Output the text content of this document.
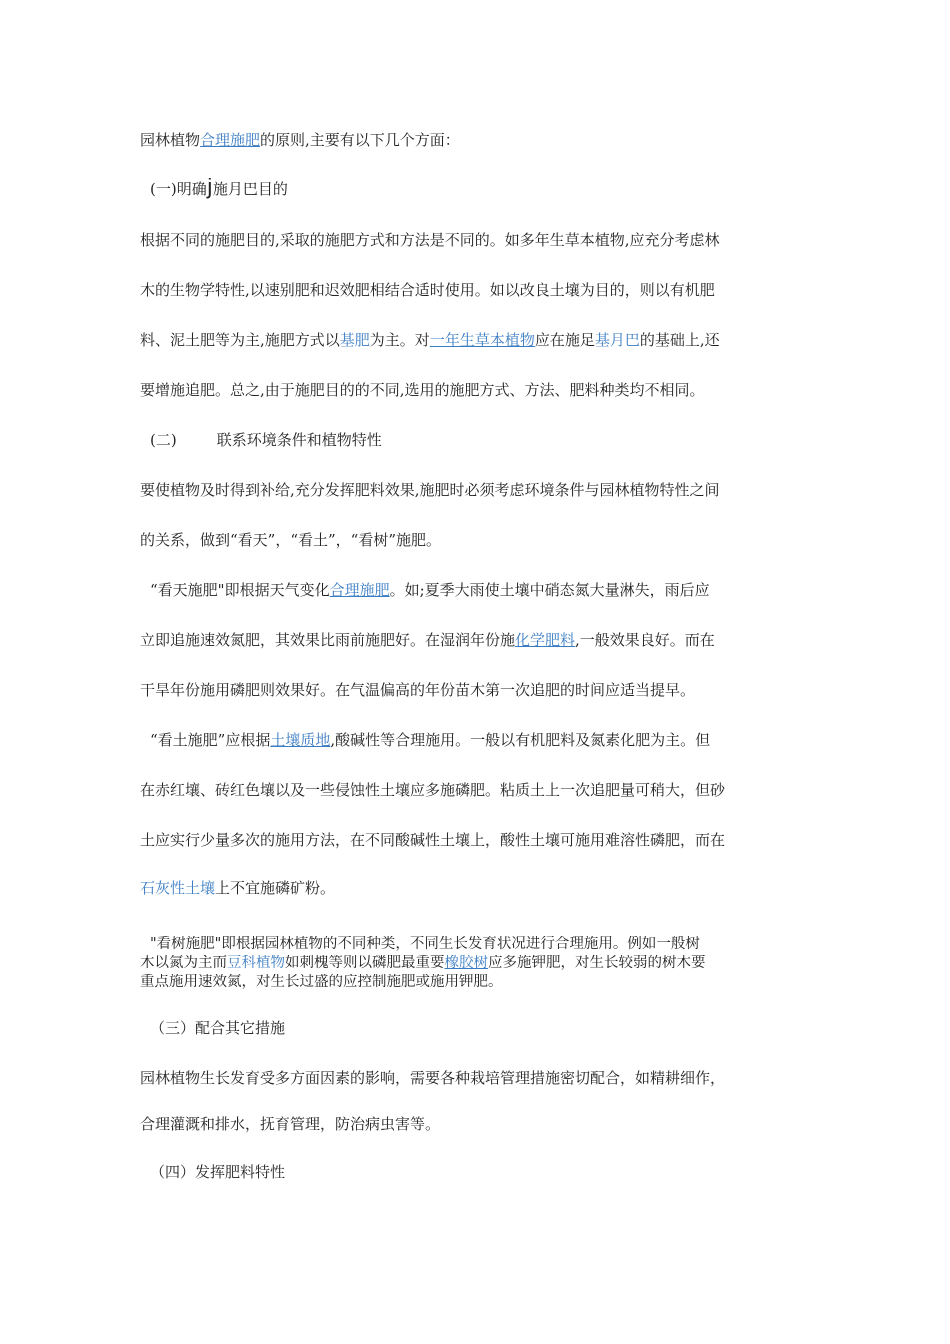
园林植物合理施肥的原则,主要有以下几个方面：
(一)明确j施月巴目的
根据不同的施肥目的,采取的施肥方式和方法是不同的。如多年生草本植物,应充分考虑林
木的生物学特性,以速别肥和迟效肥相结合适时使用。如以改良土壤为目的，则以有机肥
料、泥土肥等为主,施肥方式以基肥为主。对一年生草本植物应在施足基月巴的基础上,还
要增施追肥。总之,由于施肥目的的不同,选用的施肥方式、方法、肥料种类均不相同。
(二)	联系环境条件和植物特性
要使植物及时得到补给,充分发挥肥料效果,施肥时必须考虑环境条件与园林植物特性之间
的关系，做到“看天”，“看土”，“看树”施肥。
“看天施肥"即根据天气变化合理施肥。如;夏季大雨使土壤中硝态氮大量淋失，雨后应
立即追施速效氮肥，其效果比雨前施肥好。在湿润年份施化学肥料,一般效果良好。而在
干旱年份施用磷肥则效果好。在气温偏高的年份苗木第一次追肥的时间应适当提早。
“看土施肥”应根据土壤质地,酸碱性等合理施用。一般以有机肥料及氮素化肥为主。但
在赤红壤、砖红色壤以及一些侵蚀性土壤应多施磷肥。粘质土上一次追肥量可稍大，但砂
土应实行少量多次的施用方法，在不同酸碱性土壤上，酸性土壤可施用难溶性磷肥，而在
石灰性土壤上不宜施磷矿粉。
"看树施肥"即根据园林植物的不同种类，不同生长发育状况进行合理施用。例如一般树
木以氮为主而豆科植物如刺槐等则以磷肥最重要橡胶树应多施钾肥，对生长较弱的树木要
重点施用速效氮，对生长过盛的应控制施肥或施用钾肥。
（三）配合其它措施
园林植物生长发育受多方面因素的影响，需要各种栽培管理措施密切配合，如精耕细作，
合理灌溉和排水，抚育管理，防治病虫害等。
（四）发挥肥料特性
